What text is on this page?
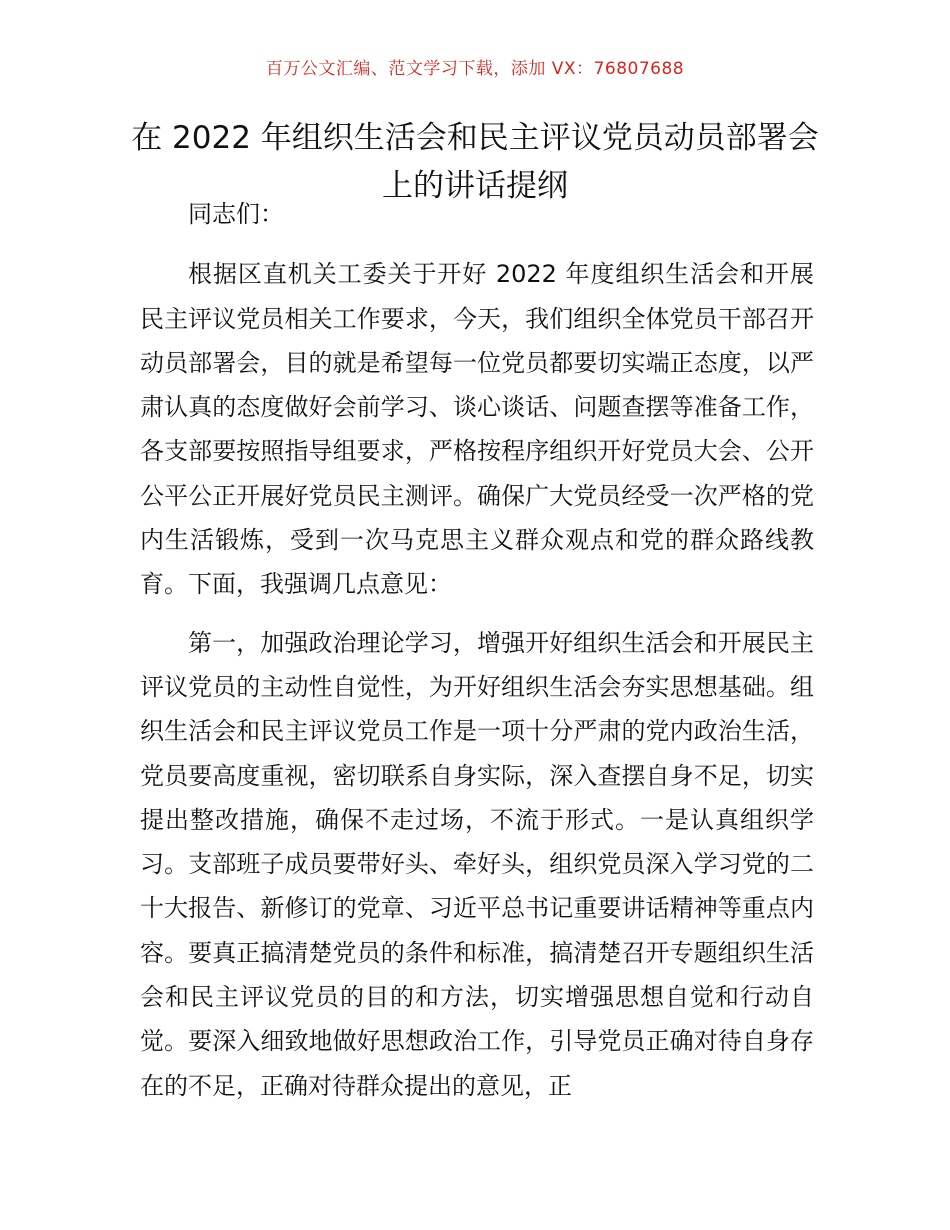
百万公文汇编、范文学习下载，添加 VX：76807688
在 2022 年组织生活会和民主评议党员动员部署会上的讲话提纲

同志们：

根据区直机关工委关于开好 2022 年度组织生活会和开展民主评议党员相关工作要求，今天，我们组织全体党员干部召开动员部署会，目的就是希望每一位党员都要切实端正态度，以严肃认真的态度做好会前学习、谈心谈话、问题查摆等准备工作，各支部要按照指导组要求，严格按程序组织开好党员大会、公开公平公正开展好党员民主测评。确保广大党员经受一次严格的党内生活锻炼，受到一次马克思主义群众观点和党的群众路线教育。下面，我强调几点意见：

第一，加强政治理论学习，增强开好组织生活会和开展民主评议党员的主动性自觉性，为开好组织生活会夯实思想基础。组织生活会和民主评议党员工作是一项十分严肃的党内政治生活，党员要高度重视，密切联系自身实际，深入查摆自身不足，切实提出整改措施，确保不走过场，不流于形式。一是认真组织学习。支部班子成员要带好头、牵好头，组织党员深入学习党的二十大报告、新修订的党章、习近平总书记重要讲话精神等重点内容。要真正搞清楚党员的条件和标准，搞清楚召开专题组织生活会和民主评议党员的目的和方法，切实增强思想自觉和行动自觉。要深入细致地做好思想政治工作，引导党员正确对待自身存在的不足，正确对待群众提出的意见，正
